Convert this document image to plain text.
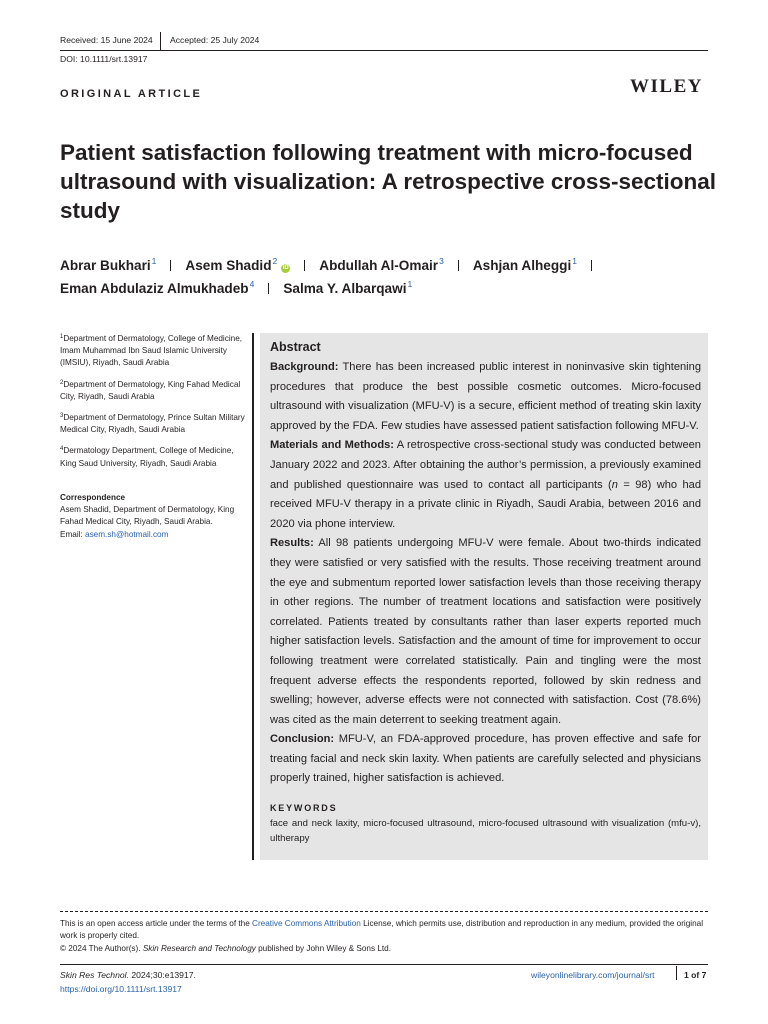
Received: 15 June 2024 Accepted: 25 July 2024
DOI: 10.1111/srt.13917
ORIGINAL ARTICLE	WILEY
Patient satisfaction following treatment with micro-focused ultrasound with visualization: A retrospective cross-sectional study
Abrar Bukhari$^1$ Asem Shadid$^2$iD Abdullah Al-Omair$^3$ Ashjan Alheggi$^1$
Eman Abdulaziz Almukhadeb$^4$ Salma Y. Albarqawi$^1$

$^1$Department of Dermatology, College of Medicine, Imam Muhammad Ibn Saud Islamic University (IMSIU), Riyadh, Saudi Arabia

$^2$Department of Dermatology, King Fahad Medical City, Riyadh, Saudi Arabia

$^3$Department of Dermatology, Prince Sultan Military Medical City, Riyadh, Saudi Arabia

$^4$Dermatology Department, College of Medicine, King Saud University, Riyadh, Saudi Arabia

Correspondence
Asem Shadid, Department of Dermatology, King Fahad Medical City, Riyadh, Saudi Arabia.
Email: asem.sh@hotmail.com
Abstract

Background: There has been increased public interest in noninvasive skin tightening procedures that produce the best possible cosmetic outcomes. Micro-focused ultrasound with visualization (MFU-V) is a secure, efficient method of treating skin laxity approved by the FDA. Few studies have assessed patient satisfaction following MFU-V.

Materials and Methods: A retrospective cross-sectional study was conducted between January 2022 and 2023. After obtaining the author’s permission, a previously examined and published questionnaire was used to contact all participants (n = 98) who had received MFU-V therapy in a private clinic in Riyadh, Saudi Arabia, between 2016 and 2020 via phone interview.

Results: All 98 patients undergoing MFU-V were female. About two-thirds indicated they were satisfied or very satisfied with the results. Those receiving treatment around the eye and submentum reported lower satisfaction levels than those receiving therapy in other regions. The number of treatment locations and satisfaction were positively correlated. Patients treated by consultants rather than laser experts reported much higher satisfaction levels. Satisfaction and the amount of time for improvement to occur following treatment were correlated statistically. Pain and tingling were the most frequent adverse effects the respondents reported, followed by skin redness and swelling; however, adverse effects were not connected with satisfaction. Cost (78.6%) was cited as the main deterrent to seeking treatment again.

Conclusion: MFU-V, an FDA-approved procedure, has proven effective and safe for treating facial and neck skin laxity. When patients are carefully selected and physicians properly trained, higher satisfaction is achieved.

KEYWORDS
face and neck laxity, micro-focused ultrasound, micro-focused ultrasound with visualization (mfu-v), ultherapy
This is an open access article under the terms of the Creative Commons Attribution License, which permits use, distribution and reproduction in any medium, provided the original work is properly cited.
© 2024 The Author(s). Skin Research and Technology published by John Wiley & Sons Ltd.
Skin Res Technol. 2024;30:e13917.
https://doi.org/10.1111/srt.13917
wileyonlinelibrary.com/journal/srt	1 of 7
